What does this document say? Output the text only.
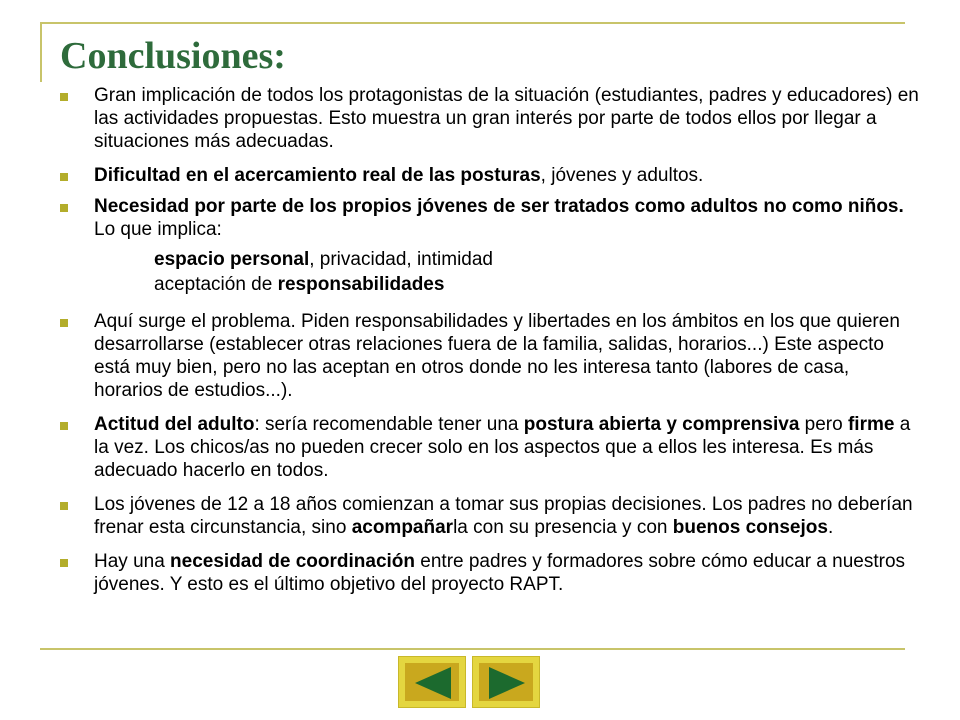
Conclusiones:
Gran implicación de todos los protagonistas de la situación (estudiantes, padres y educadores) en las actividades propuestas. Esto muestra un gran interés por parte de todos ellos por llegar a situaciones más adecuadas.
Dificultad en el acercamiento real de las posturas, jóvenes y adultos.
Necesidad por parte de los propios jóvenes de ser tratados como adultos no como niños. Lo que implica:
espacio personal, privacidad, intimidad
aceptación de responsabilidades
Aquí surge el problema. Piden responsabilidades y libertades en los ámbitos en los que quieren desarrollarse (establecer otras relaciones fuera de la familia, salidas, horarios...) Este aspecto está muy bien, pero no las aceptan en otros donde no les interesa tanto (labores de casa, horarios de estudios...).
Actitud del adulto: sería recomendable tener una postura abierta y comprensiva pero firme a la vez. Los chicos/as no pueden crecer solo en los aspectos que a ellos les interesa. Es más adecuado hacerlo en todos.
Los jóvenes de 12 a 18 años comienzan a tomar sus propias decisiones. Los padres no deberían frenar esta circunstancia, sino acompañarla con su presencia y con buenos consejos.
Hay una necesidad de coordinación entre padres y formadores sobre cómo educar a nuestros jóvenes. Y esto es el último objetivo del proyecto RAPT.
